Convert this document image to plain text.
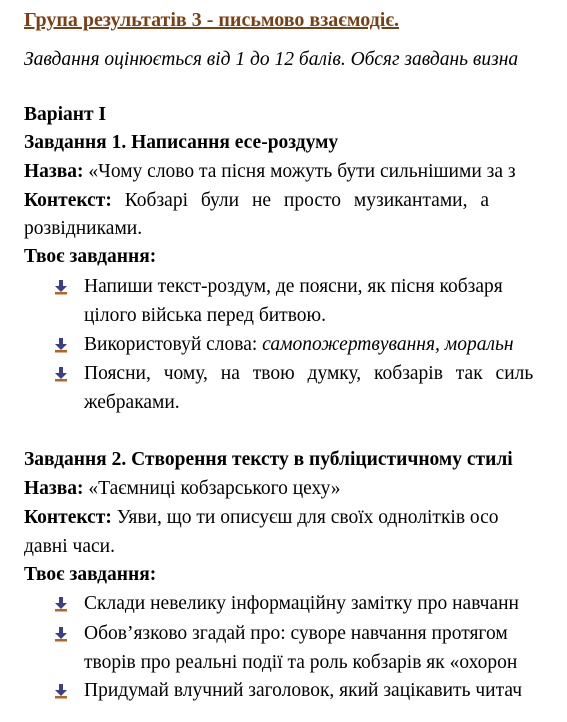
Група результатів 3 - письмово взаємодіє.
Завдання оцінюється від 1 до 12 балів. Обсяг завдань визна
Варіант I
Завдання 1. Написання есе-роздуму
Назва: «Чому слово та пісня можуть бути сильнішими за з
Контекст: Кобзарі були не просто музикантами, а
розвідниками.
Твоє завдання:
Напиши текст-роздум, де поясни, як пісня кобзаря
цілого війська перед битвою.
Використовуй слова: самопожертвування, моральн
Поясни, чому, на твою думку, кобзарів так силь
жебраками.
Завдання 2. Створення тексту в публіцистичному стилі
Назва: «Таємниці кобзарського цеху»
Контекст: Уяви, що ти описуєш для своїх однолітків осо
давні часи.
Твоє завдання:
Склади невелику інформаційну замітку про навчанн
Обов’язково згадай про: суворе навчання протягом
творів про реальні події та роль кобзарів як «охорон
Придумай влучний заголовок, який зацікавить читач
